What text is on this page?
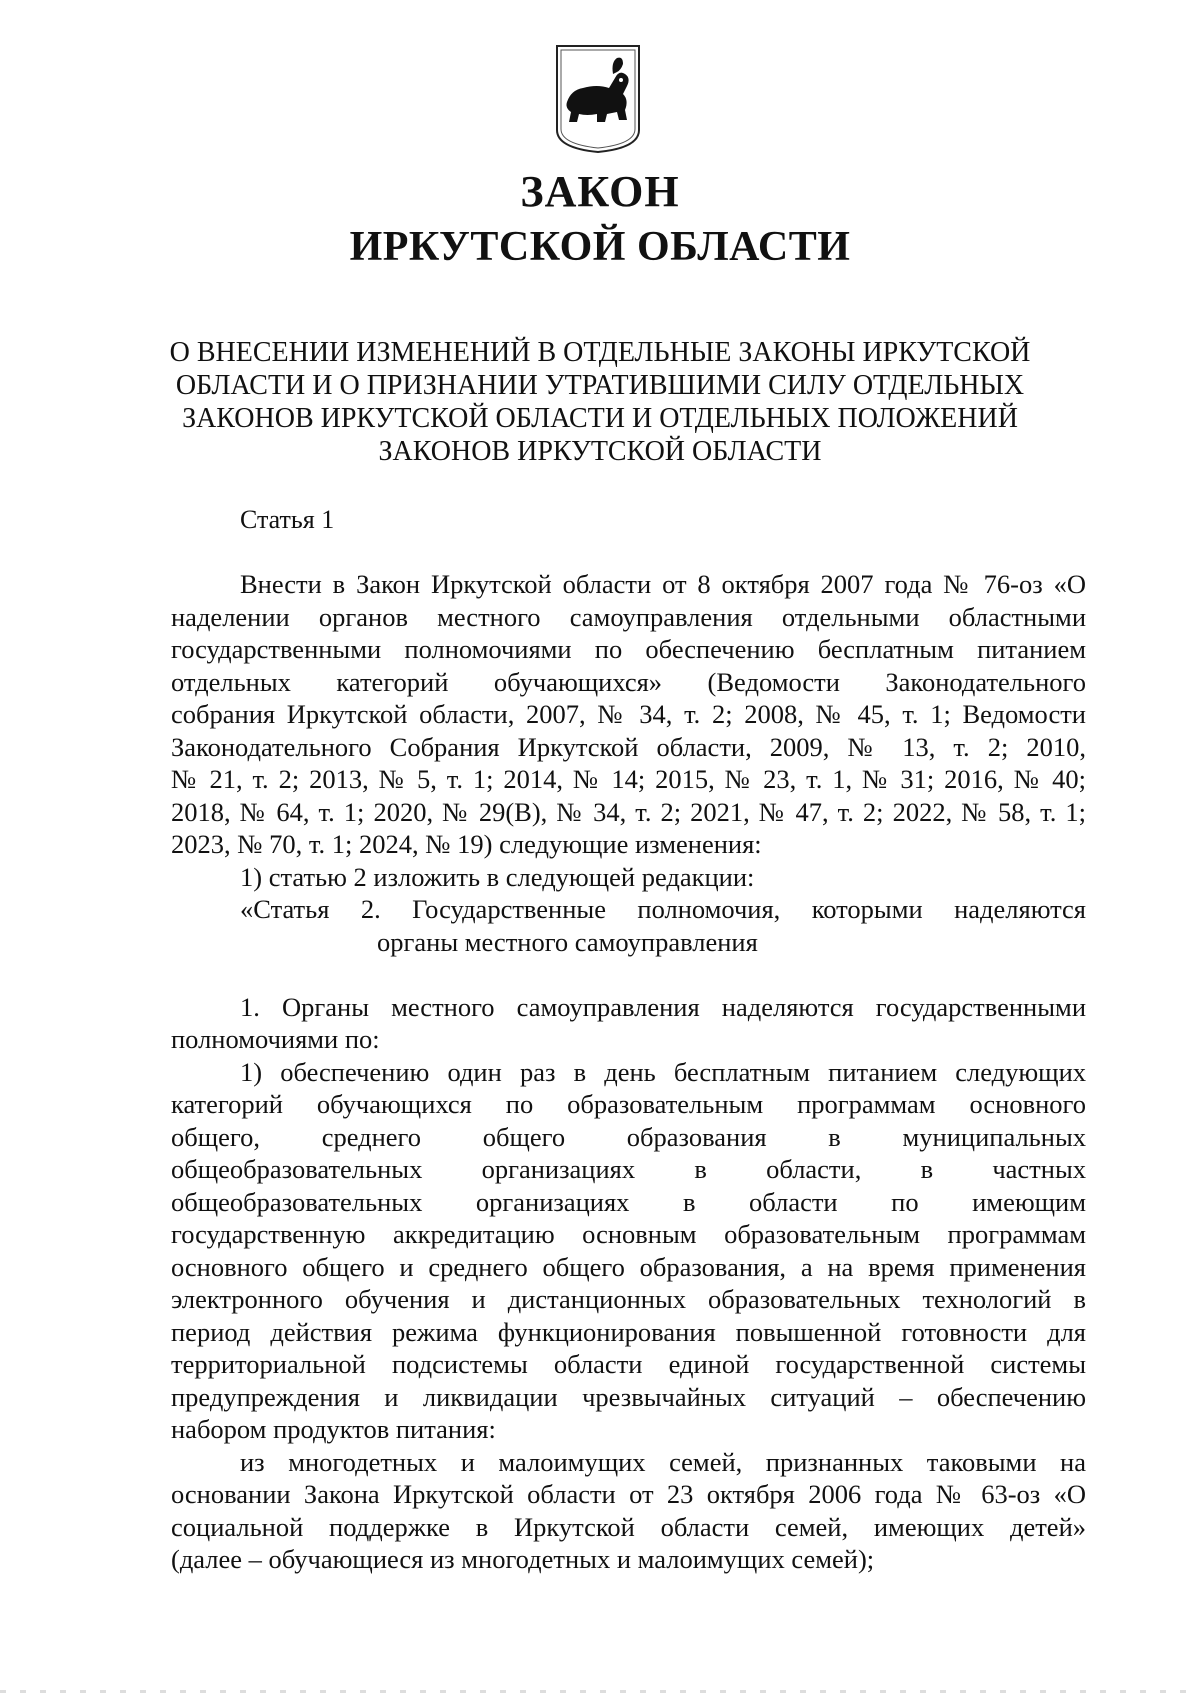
ЗАКОН
ИРКУТСКОЙ ОБЛАСТИ
О ВНЕСЕНИИ ИЗМЕНЕНИЙ В ОТДЕЛЬНЫЕ ЗАКОНЫ ИРКУТСКОЙ
ОБЛАСТИ И О ПРИЗНАНИИ УТРАТИВШИМИ СИЛУ ОТДЕЛЬНЫХ
ЗАКОНОВ ИРКУТСКОЙ ОБЛАСТИ И ОТДЕЛЬНЫХ ПОЛОЖЕНИЙ
ЗАКОНОВ ИРКУТСКОЙ ОБЛАСТИ
Статья 1
Внести в Закон Иркутской области от 8 октября 2007 года № 76-оз «О
наделении органов местного самоуправления отдельными областными
государственными полномочиями по обеспечению бесплатным питанием
отдельных категорий обучающихся» (Ведомости Законодательного
собрания Иркутской области, 2007, № 34, т. 2; 2008, № 45, т. 1; Ведомости
Законодательного Собрания Иркутской области, 2009, № 13, т. 2; 2010,
№ 21, т. 2; 2013, № 5, т. 1; 2014, № 14; 2015, № 23, т. 1, № 31; 2016, № 40;
2018, № 64, т. 1; 2020, № 29(В), № 34, т. 2; 2021, № 47, т. 2; 2022, № 58, т. 1;
2023, № 70, т. 1; 2024, № 19) следующие изменения:
1) статью 2 изложить в следующей редакции:
«Статья 2. Государственные полномочия, которыми наделяются
органы местного самоуправления
1. Органы местного самоуправления наделяются государственными
полномочиями по:
1) обеспечению один раз в день бесплатным питанием следующих
категорий обучающихся по образовательным программам основного
общего, среднего общего образования в муниципальных
общеобразовательных организациях в области, в частных
общеобразовательных организациях в области по имеющим
государственную аккредитацию основным образовательным программам
основного общего и среднего общего образования, а на время применения
электронного обучения и дистанционных образовательных технологий в
период действия режима функционирования повышенной готовности для
территориальной подсистемы области единой государственной системы
предупреждения и ликвидации чрезвычайных ситуаций – обеспечению
набором продуктов питания:
из многодетных и малоимущих семей, признанных таковыми на
основании Закона Иркутской области от 23 октября 2006 года № 63-оз «О
социальной поддержке в Иркутской области семей, имеющих детей»
(далее – обучающиеся из многодетных и малоимущих семей);
